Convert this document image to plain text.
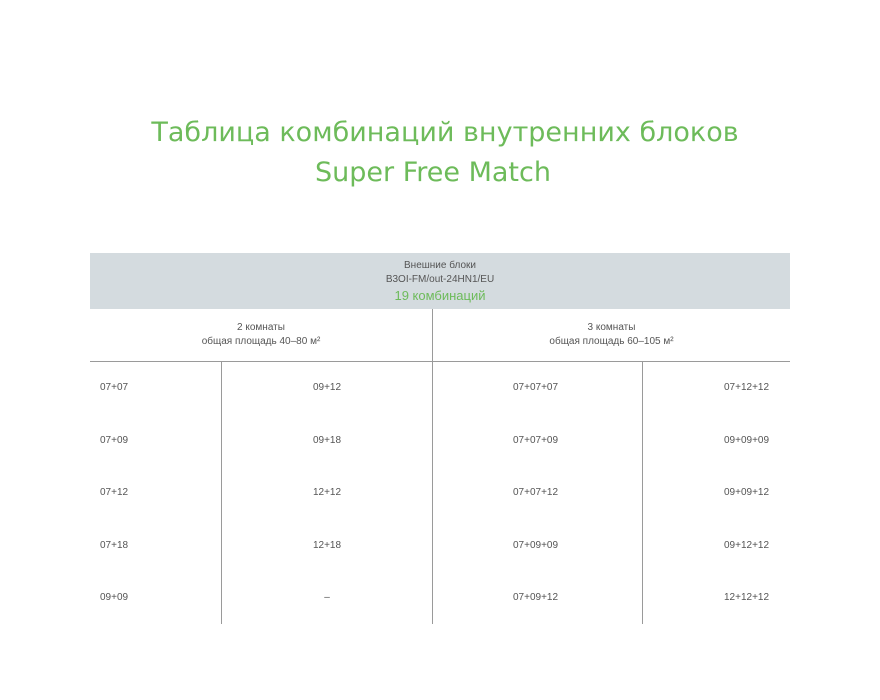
Таблица комбинаций внутренних блоков

Super Free Match
Внешние блоки
B3OI-FM/out-24HN1/EU
19 комбинаций
2 комнаты
общая площадь 40–80 м²
3 комнаты
общая площадь 60–105 м²
07+07	09+12	07+07+07	07+12+12
07+09	09+18	07+07+09	09+09+09
07+12	12+12	07+07+12	09+09+12
07+18	12+18	07+09+09	09+12+12
09+09	–	07+09+12	12+12+12
